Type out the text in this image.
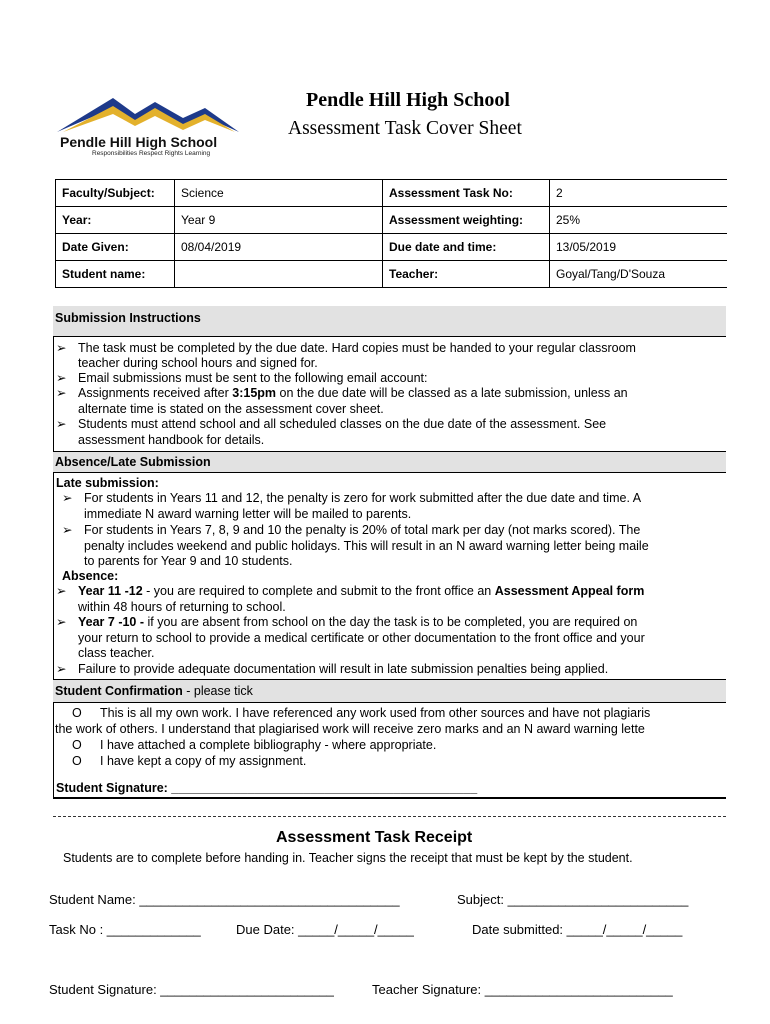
Pendle Hill High School
Responsibilities Respect Rights Learning
Pendle Hill High School
Assessment Task Cover Sheet
Faculty/Subject:	Science	Assessment Task No:	2
Year:	Year 9	Assessment weighting:	25%
Date Given:	08/04/2019	Due date and time:	13/05/2019
Student name:		Teacher:	Goyal/Tang/D'Souza
Submission Instructions
➢ The task must be completed by the due date. Hard copies must be handed to your regular classroom
teacher during school hours and signed for.
➢ Email submissions must be sent to the following email account:
➢ Assignments received after 3:15pm on the due date will be classed as a late submission, unless an
alternate time is stated on the assessment cover sheet.
➢ Students must attend school and all scheduled classes on the due date of the assessment. See
assessment handbook for details.
Absence/Late Submission
Late submission:
➢ For students in Years 11 and 12, the penalty is zero for work submitted after the due date and time. A
immediate N award warning letter will be mailed to parents.
➢ For students in Years 7, 8, 9 and 10 the penalty is 20% of total mark per day (not marks scored). The
penalty includes weekend and public holidays. This will result in an N award warning letter being maile
to parents for Year 9 and 10 students.
Absence:
➢ Year 11 -12 - you are required to complete and submit to the front office an Assessment Appeal form
within 48 hours of returning to school.
➢ Year 7 -10 - if you are absent from school on the day the task is to be completed, you are required on
your return to school to provide a medical certificate or other documentation to the front office and your
class teacher.
➢ Failure to provide adequate documentation will result in late submission penalties being applied.
Student Confirmation - please tick
O This is all my own work. I have referenced any work used from other sources and have not plagiaris
the work of others. I understand that plagiarised work will receive zero marks and an N award warning lette
O I have attached a complete bibliography - where appropriate.
O I have kept a copy of my assignment.
Student Signature: ____________________________________________
Assessment Task Receipt
Students are to complete before handing in. Teacher signs the receipt that must be kept by the student.
Student Name: ____________________________________	Subject: _________________________
Task No : _____________	Due Date: _____/_____/_____	Date submitted: _____/_____/_____
Student Signature: ________________________	Teacher Signature: __________________________
